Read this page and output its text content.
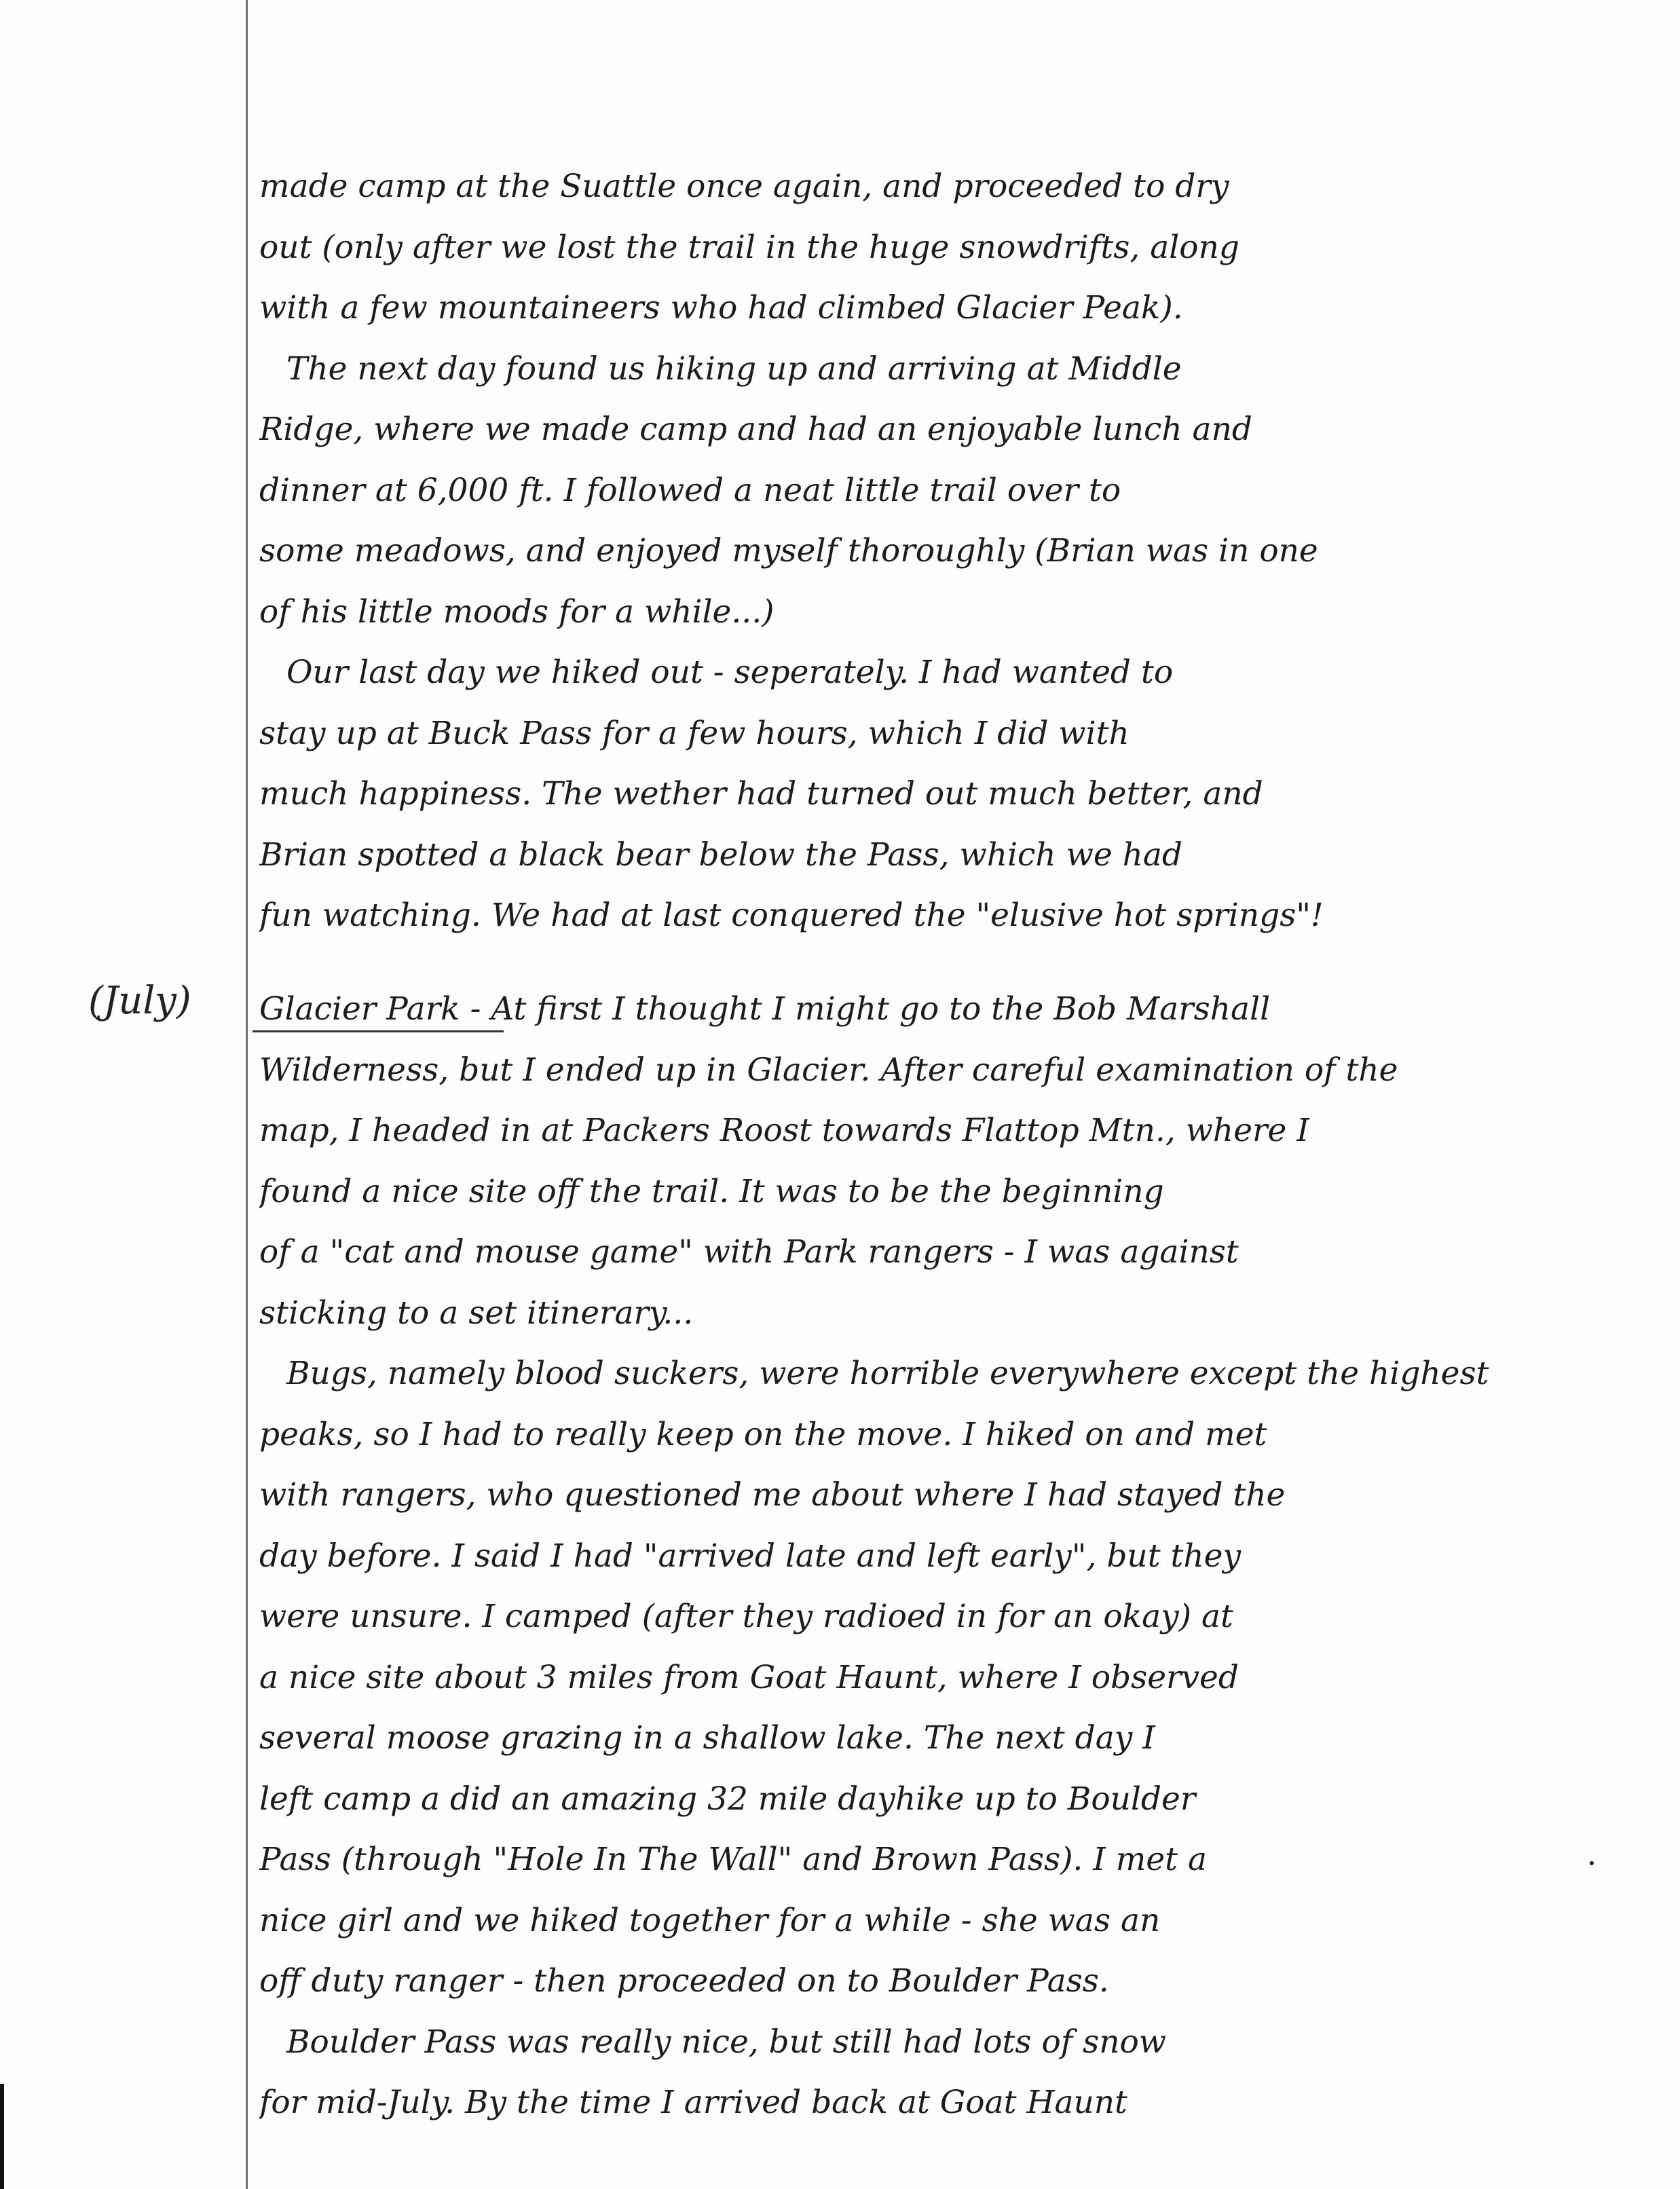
(July)
made camp at the Suattle once again, and proceeded to dry
out (only after we lost the trail in the huge snowdrifts, along
with a few mountaineers who had climbed Glacier Peak).
The next day found us hiking up and arriving at Middle
Ridge, where we made camp and had an enjoyable lunch and
dinner at 6,000 ft. I followed a neat little trail over to
some meadows, and enjoyed myself thoroughly (Brian was in one
of his little moods for a while...)
Our last day we hiked out - seperately. I had wanted to
stay up at Buck Pass for a few hours, which I did with
much happiness. The wether had turned out much better, and
Brian spotted a black bear below the Pass, which we had
fun watching. We had at last conquered the "elusive hot springs"!
Glacier Park - At first I thought I might go to the Bob Marshall
Wilderness, but I ended up in Glacier. After careful examination of the
map, I headed in at Packers Roost towards Flattop Mtn., where I
found a nice site off the trail. It was to be the beginning
of a "cat and mouse game" with Park rangers - I was against
sticking to a set itinerary...
Bugs, namely blood suckers, were horrible everywhere except the highest
peaks, so I had to really keep on the move. I hiked on and met
with rangers, who questioned me about where I had stayed the
day before. I said I had "arrived late and left early", but they
were unsure. I camped (after they radioed in for an okay) at
a nice site about 3 miles from Goat Haunt, where I observed
several moose grazing in a shallow lake. The next day I
left camp a did an amazing 32 mile dayhike up to Boulder
Pass (through "Hole In The Wall" and Brown Pass). I met a
nice girl and we hiked together for a while - she was an
off duty ranger - then proceeded on to Boulder Pass.
Boulder Pass was really nice, but still had lots of snow
for mid-July. By the time I arrived back at Goat Haunt
